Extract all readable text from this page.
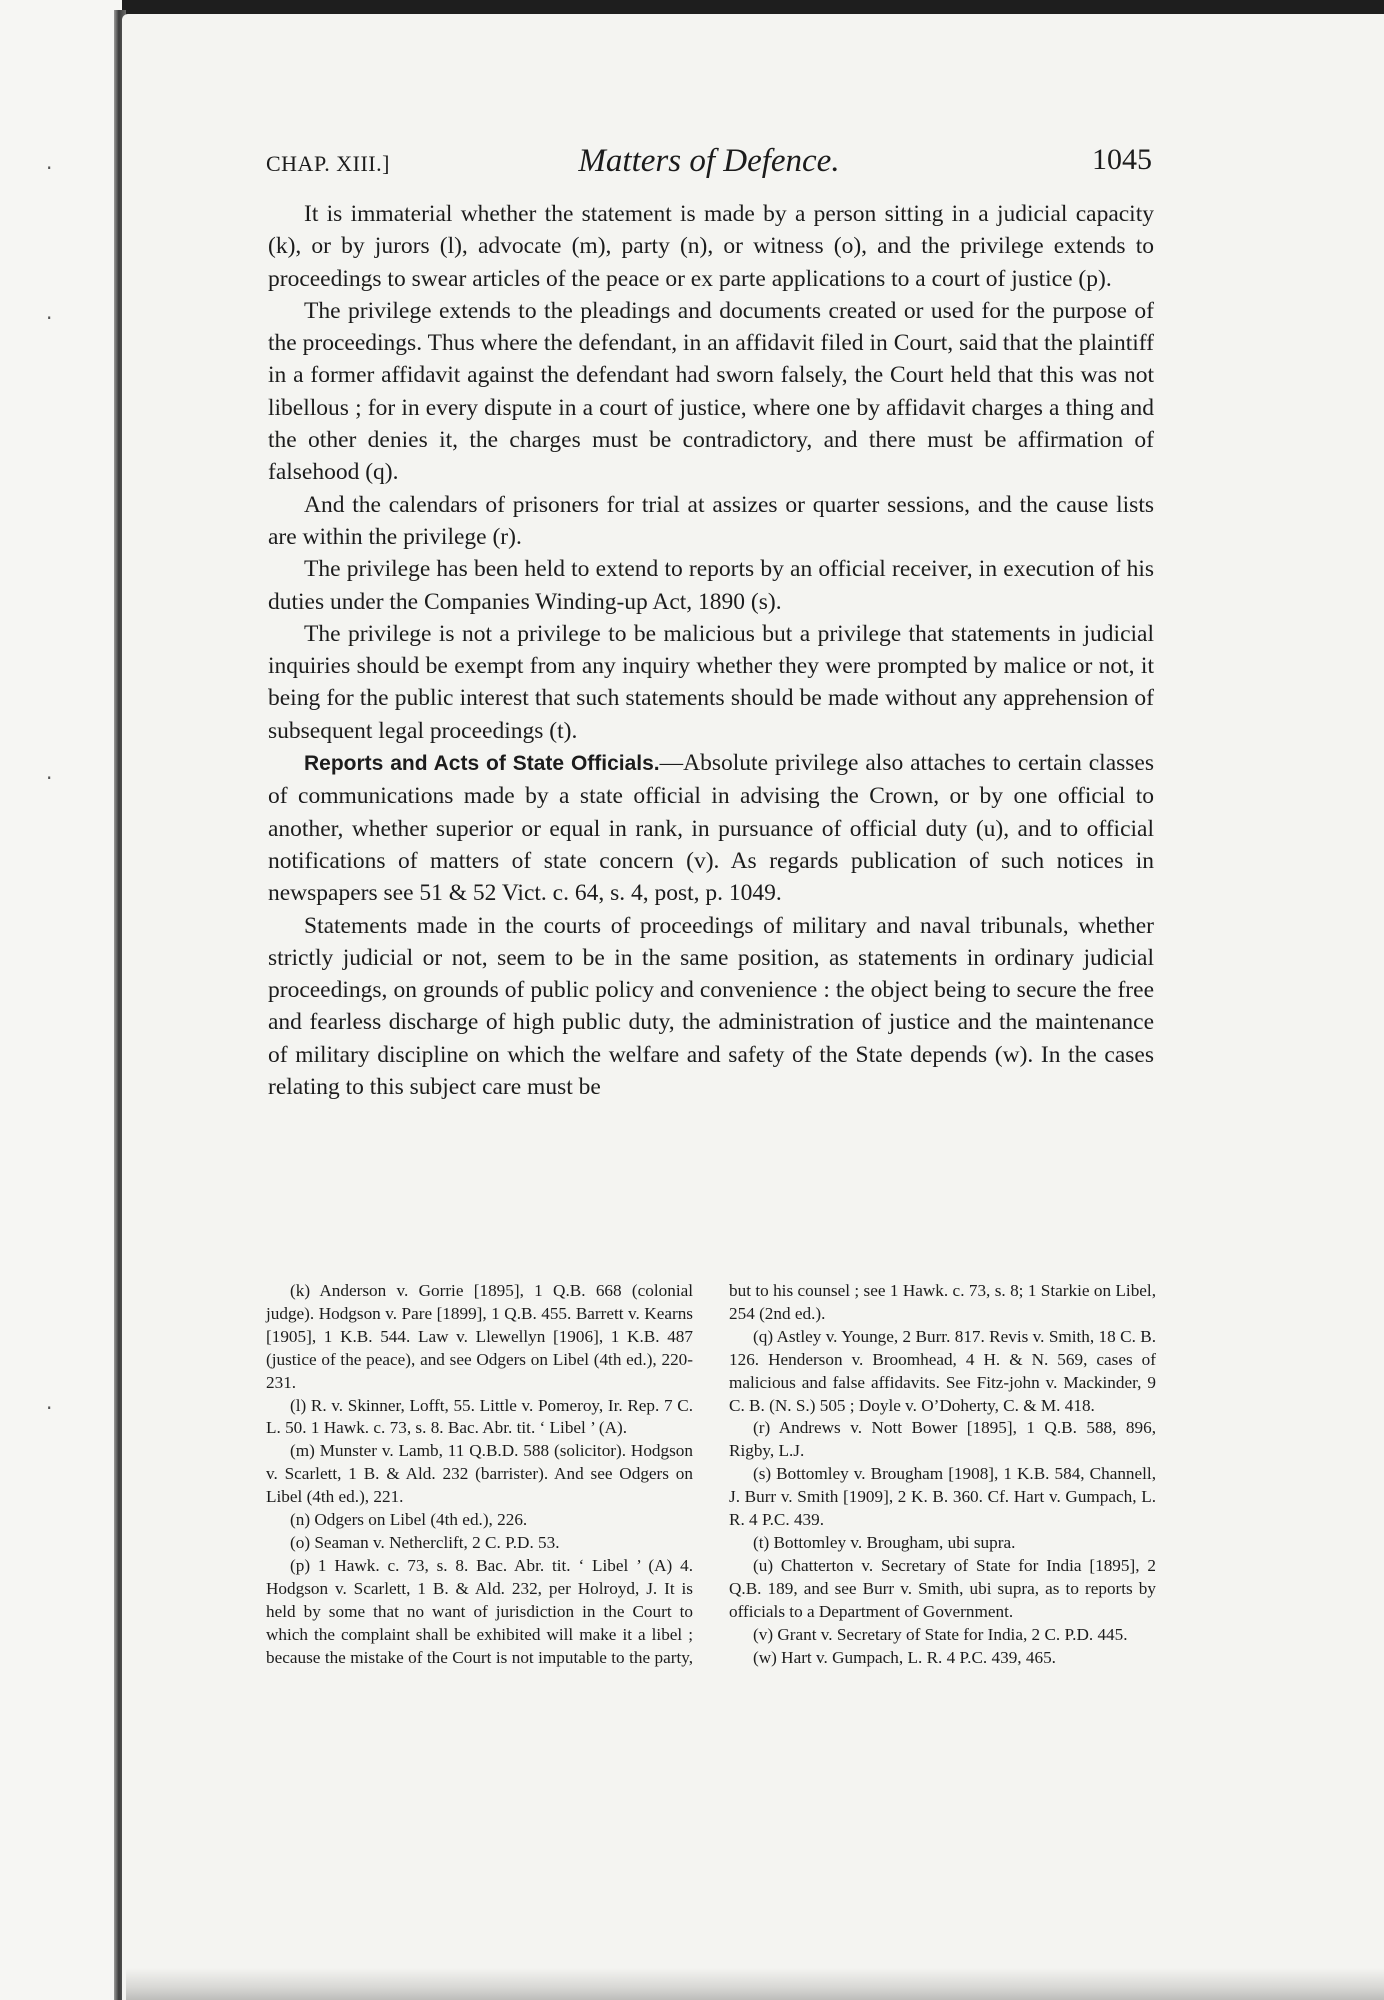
.
.
.
.
CHAP. XIII.]	Matters of Defence.	1045

It is immaterial whether the statement is made by a person sitting in a judicial capacity (k), or by jurors (l), advocate (m), party (n), or witness (o), and the privilege extends to proceedings to swear articles of the peace or ex parte applications to a court of justice (p).

The privilege extends to the pleadings and documents created or used for the purpose of the proceedings. Thus where the defendant, in an affidavit filed in Court, said that the plaintiff in a former affidavit against the defendant had sworn falsely, the Court held that this was not libellous ; for in every dispute in a court of justice, where one by affidavit charges a thing and the other denies it, the charges must be contradictory, and there must be affirmation of falsehood (q).

And the calendars of prisoners for trial at assizes or quarter sessions, and the cause lists are within the privilege (r).

The privilege has been held to extend to reports by an official receiver, in execution of his duties under the Companies Winding-up Act, 1890 (s).

The privilege is not a privilege to be malicious but a privilege that statements in judicial inquiries should be exempt from any inquiry whether they were prompted by malice or not, it being for the public interest that such statements should be made without any apprehension of subsequent legal proceedings (t).

Reports and Acts of State Officials.—Absolute privilege also attaches to certain classes of communications made by a state official in advising the Crown, or by one official to another, whether superior or equal in rank, in pursuance of official duty (u), and to official notifications of matters of state concern (v). As regards publication of such notices in newspapers see 51 & 52 Vict. c. 64, s. 4, post, p. 1049.

Statements made in the courts of proceedings of military and naval tribunals, whether strictly judicial or not, seem to be in the same position, as statements in ordinary judicial proceedings, on grounds of public policy and convenience : the object being to secure the free and fearless discharge of high public duty, the administration of justice and the maintenance of military discipline on which the welfare and safety of the State depends (w). In the cases relating to this subject care must be

(k) Anderson v. Gorrie [1895], 1 Q.B. 668 (colonial judge). Hodgson v. Pare [1899], 1 Q.B. 455. Barrett v. Kearns [1905], 1 K.B. 544. Law v. Llewellyn [1906], 1 K.B. 487 (justice of the peace), and see Odgers on Libel (4th ed.), 220-231.

(l) R. v. Skinner, Lofft, 55. Little v. Pomeroy, Ir. Rep. 7 C. L. 50. 1 Hawk. c. 73, s. 8. Bac. Abr. tit. ‘ Libel ’ (A).

(m) Munster v. Lamb, 11 Q.B.D. 588 (solicitor). Hodgson v. Scarlett, 1 B. & Ald. 232 (barrister). And see Odgers on Libel (4th ed.), 221.

(n) Odgers on Libel (4th ed.), 226.

(o) Seaman v. Netherclift, 2 C. P.D. 53.

(p) 1 Hawk. c. 73, s. 8. Bac. Abr. tit. ‘ Libel ’ (A) 4. Hodgson v. Scarlett, 1 B. & Ald. 232, per Holroyd, J. It is held by some that no want of jurisdiction in the Court to which the complaint shall be exhibited will make it a libel ; because the mistake of the Court is not imputable to the party, but to his counsel ; see 1 Hawk. c. 73, s. 8; 1 Starkie on Libel, 254 (2nd ed.).

(q) Astley v. Younge, 2 Burr. 817. Revis v. Smith, 18 C. B. 126. Henderson v. Broomhead, 4 H. & N. 569, cases of malicious and false affidavits. See Fitz-john v. Mackinder, 9 C. B. (N. S.) 505 ; Doyle v. O’Doherty, C. & M. 418.

(r) Andrews v. Nott Bower [1895], 1 Q.B. 588, 896, Rigby, L.J.

(s) Bottomley v. Brougham [1908], 1 K.B. 584, Channell, J. Burr v. Smith [1909], 2 K. B. 360. Cf. Hart v. Gumpach, L. R. 4 P.C. 439.

(t) Bottomley v. Brougham, ubi supra.

(u) Chatterton v. Secretary of State for India [1895], 2 Q.B. 189, and see Burr v. Smith, ubi supra, as to reports by officials to a Department of Government.

(v) Grant v. Secretary of State for India, 2 C. P.D. 445.

(w) Hart v. Gumpach, L. R. 4 P.C. 439, 465.
